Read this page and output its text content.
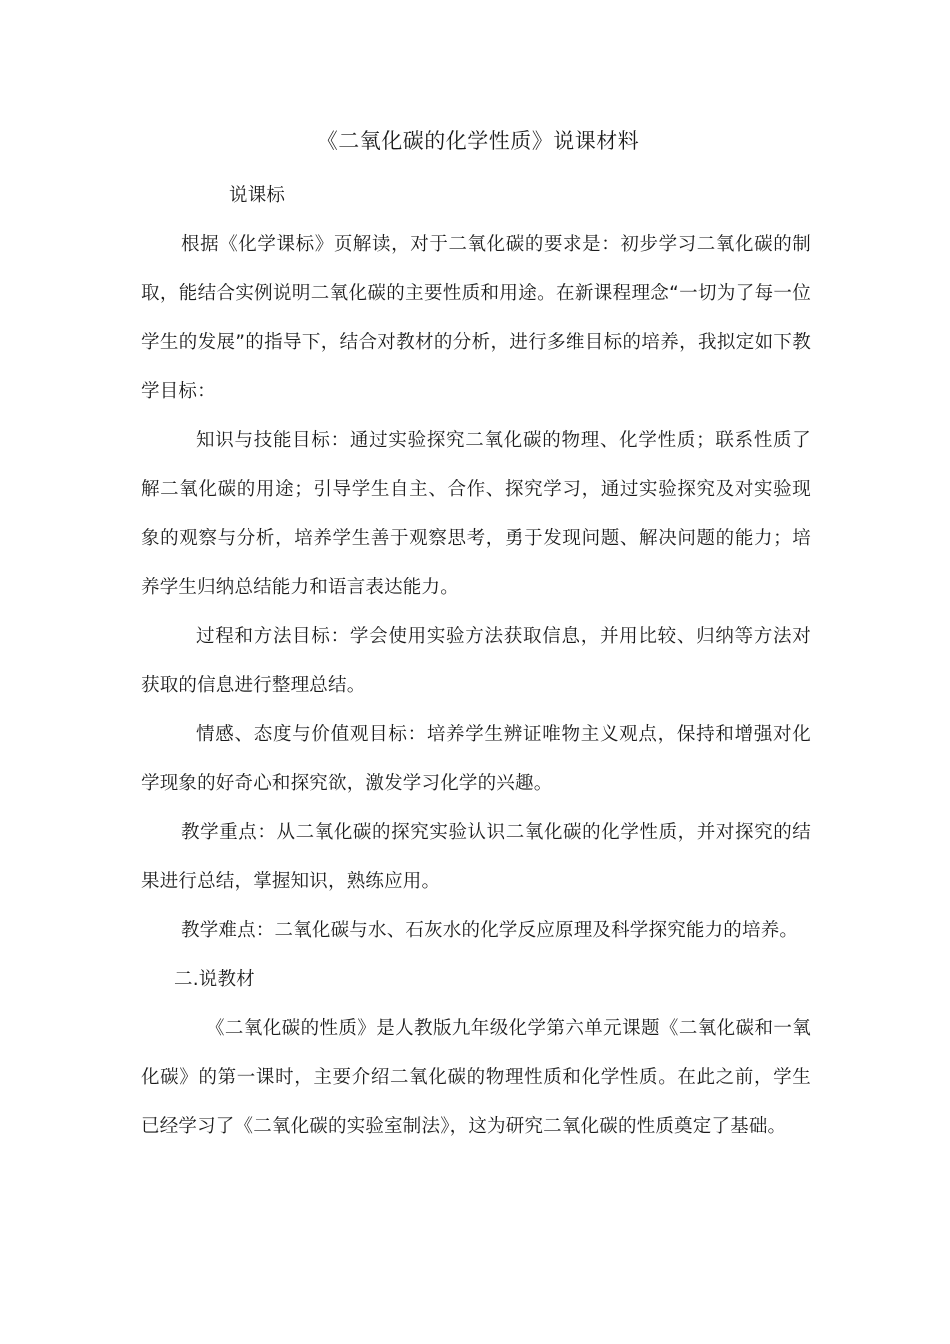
《二氧化碳的化学性质》说课材料

说课标

根据《化学课标》页解读，对于二氧化碳的要求是：初步学习二氧化碳的制取，能结合实例说明二氧化碳的主要性质和用途。在新课程理念“一切为了每一位学生的发展”的指导下，结合对教材的分析，进行多维目标的培养，我拟定如下教学目标：

知识与技能目标：通过实验探究二氧化碳的物理、化学性质；联系性质了解二氧化碳的用途；引导学生自主、合作、探究学习，通过实验探究及对实验现象的观察与分析，培养学生善于观察思考，勇于发现问题、解决问题的能力；培养学生归纳总结能力和语言表达能力。

过程和方法目标：学会使用实验方法获取信息，并用比较、归纳等方法对获取的信息进行整理总结。

情感、态度与价值观目标：培养学生辨证唯物主义观点，保持和增强对化学现象的好奇心和探究欲，激发学习化学的兴趣。

教学重点：从二氧化碳的探究实验认识二氧化碳的化学性质，并对探究的结果进行总结，掌握知识，熟练应用。

教学难点：二氧化碳与水、石灰水的化学反应原理及科学探究能力的培养。

二.说教材

《二氧化碳的性质》是人教版九年级化学第六单元课题《二氧化碳和一氧化碳》的第一课时，主要介绍二氧化碳的物理性质和化学性质。在此之前，学生已经学习了《二氧化碳的实验室制法》，这为研究二氧化碳的性质奠定了基础。
